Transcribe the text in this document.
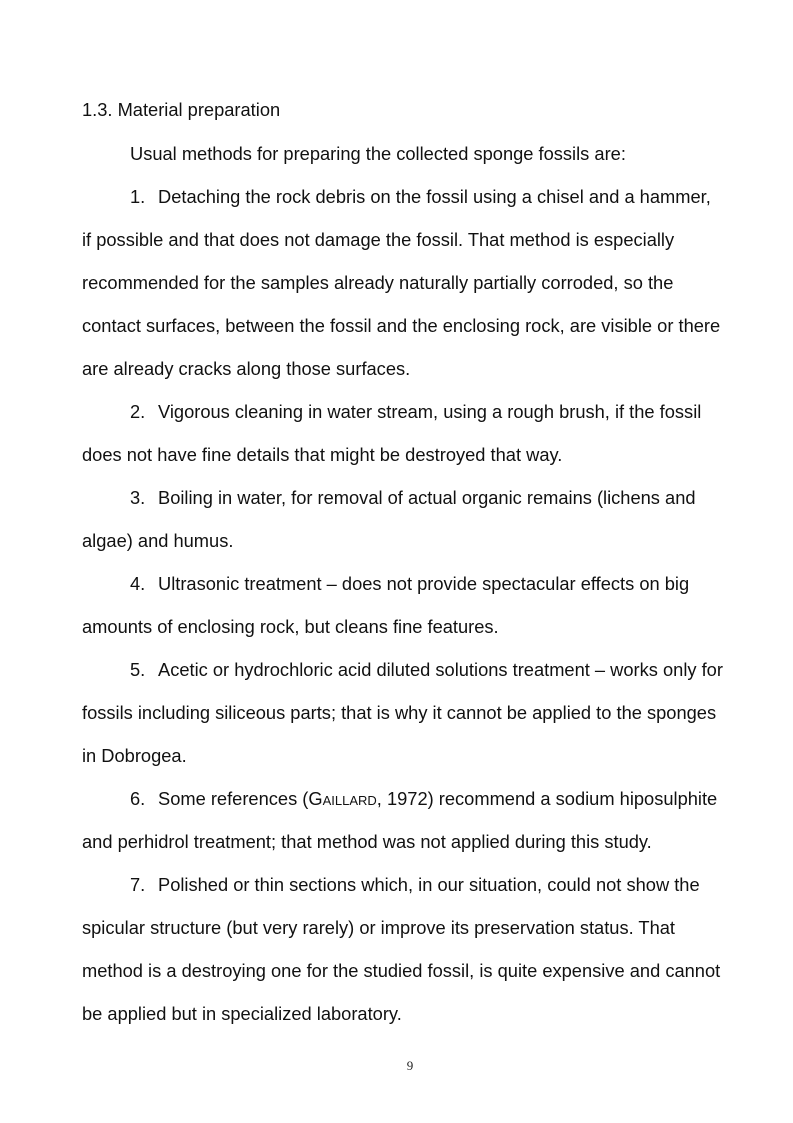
1.3. Material preparation
Usual methods for preparing the collected sponge fossils are:
1. Detaching the rock debris on the fossil using a chisel and a hammer,
if possible and that does not damage the fossil. That method is especially
recommended for the samples already naturally partially corroded, so the
contact surfaces, between the fossil and the enclosing rock, are visible or there
are already cracks along those surfaces.
2. Vigorous cleaning in water stream, using a rough brush, if the fossil
does not have fine details that might be destroyed that way.
3. Boiling in water, for removal of actual organic remains (lichens and
algae) and humus.
4. Ultrasonic treatment – does not provide spectacular effects on big
amounts of enclosing rock, but cleans fine features.
5. Acetic or hydrochloric acid diluted solutions treatment – works only for
fossils including siliceous parts; that is why it cannot be applied to the sponges
in Dobrogea.
6. Some references (Gaillard, 1972) recommend a sodium hiposulphite
and perhidrol treatment; that method was not applied during this study.
7. Polished or thin sections which, in our situation, could not show the
spicular structure (but very rarely) or improve its preservation status. That
method is a destroying one for the studied fossil, is quite expensive and cannot
be applied but in specialized laboratory.
9
